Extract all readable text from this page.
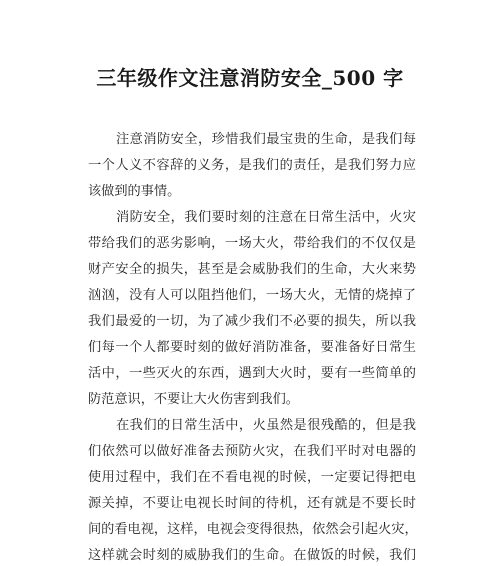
三年级作文注意消防安全_500 字
注意消防安全，珍惜我们最宝贵的生命，是我们每
一个人义不容辞的义务，是我们的责任，是我们努力应
该做到的事情。
消防安全，我们要时刻的注意在日常生活中，火灾
带给我们的恶劣影响，一场大火，带给我们的不仅仅是
财产安全的损失，甚至是会威胁我们的生命，大火来势
汹汹，没有人可以阻挡他们，一场大火，无情的烧掉了
我们最爱的一切，为了减少我们不必要的损失，所以我
们每一个人都要时刻的做好消防准备，要准备好日常生
活中，一些灭火的东西，遇到大火时，要有一些简单的
防范意识，不要让大火伤害到我们。
在我们的日常生活中，火虽然是很残酷的，但是我
们依然可以做好准备去预防火灾，在我们平时对电器的
使用过程中，我们在不看电视的时候，一定要记得把电
源关掉，不要让电视长时间的待机，还有就是不要长时
间的看电视，这样，电视会变得很热，依然会引起火灾，
这样就会时刻的威胁我们的生命。在做饭的时候，我们
